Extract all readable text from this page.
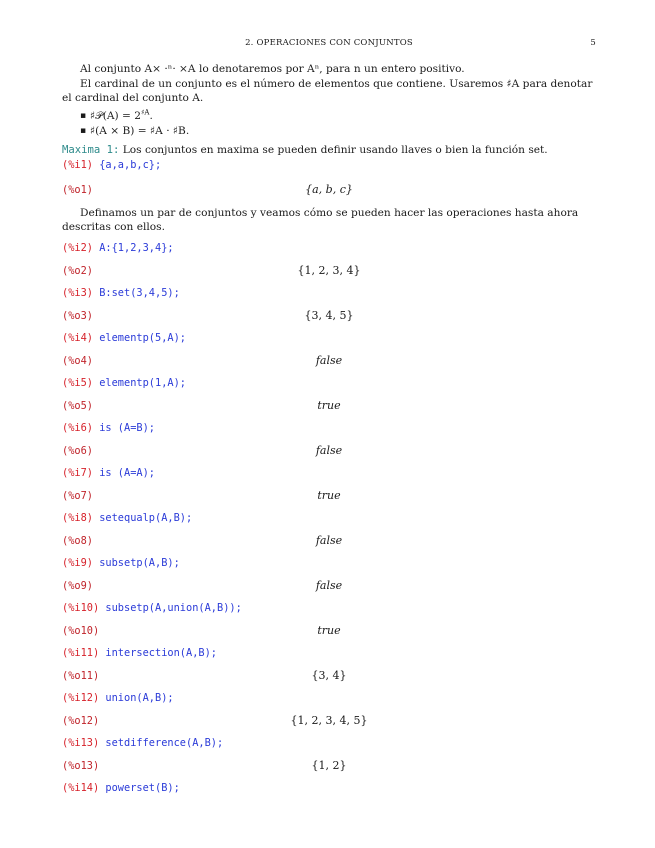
2. OPERACIONES CON CONJUNTOS	5

Al conjunto A× ·ⁿ· ×A lo denotaremos por Aⁿ, para n un entero positivo.

El cardinal de un conjunto es el número de elementos que contiene. Usaremos ♯A para denotar el cardinal del conjunto A.

▪ ♯𝒫(A) = $2^{♯A}$.
▪ ♯(A × B) = ♯A · ♯B.

Maxima 1: Los conjuntos en maxima se pueden definir usando llaves o bien la función set.

Definamos un par de conjuntos y veamos cómo se pueden hacer las operaciones hasta ahora descritas con ellos.

(%i1) {a,a,b,c};
(%o1)	{a, b, c}
(%i2) A:{1,2,3,4};
(%o2)	{1, 2, 3, 4}
(%i3) B:set(3,4,5);
(%o3)	{3, 4, 5}
(%i4) elementp(5,A);
(%o4)	false
(%i5) elementp(1,A);
(%o5)	true
(%i6) is (A=B);
(%o6)	false
(%i7) is (A=A);
(%o7)	true
(%i8) setequalp(A,B);
(%o8)	false
(%i9) subsetp(A,B);
(%o9)	false
(%i10) subsetp(A,union(A,B));
(%o10)	true
(%i11) intersection(A,B);
(%o11)	{3, 4}
(%i12) union(A,B);
(%o12)	{1, 2, 3, 4, 5}
(%i13) setdifference(A,B);
(%o13)	{1, 2}
(%i14) powerset(B);
